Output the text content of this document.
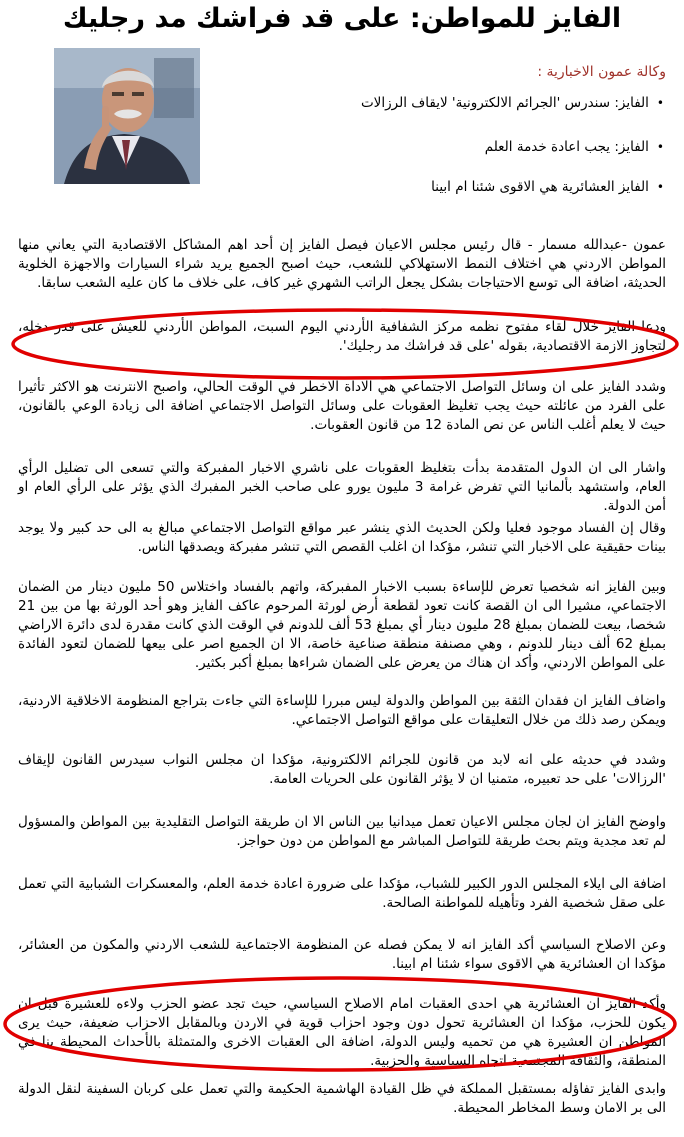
الفايز للمواطن: على قد فراشك مد رجليك
وكالة عمون الاخبارية :
•الفايز: سندرس 'الجرائم الالكترونية' لايقاف الرزالات
•الفايز: يجب اعادة خدمة العلم
•الفايز العشائرية هي الاقوى شئنا ام ابينا
عمون -عبدالله مسمار - قال رئيس مجلس الاعيان فيصل الفايز إن أحد اهم المشاكل الاقتصادية التي يعاني منها المواطن الاردني هي اختلاف النمط الاستهلاكي للشعب، حيث اصبح الجميع يريد شراء السيارات والاجهزة الخلوية الحديثة، اضافة الى توسع الاحتياجات بشكل يجعل الراتب الشهري غير كاف، على خلاف ما كان عليه الشعب سابقا.
ودعا الفايز خلال لقاء مفتوح نظمه مركز الشفافية الأردني اليوم السبت، المواطن الأردني للعيش على قدر دخله، لتجاوز الازمة الاقتصادية، بقوله 'على قد فراشك مد رجليك'.
وشدد الفايز على ان وسائل التواصل الاجتماعي هي الاداة الاخطر في الوقت الحالي، واصبح الانترنت هو الاكثر تأثيرا على الفرد من عائلته حيث يجب تغليظ العقوبات على وسائل التواصل الاجتماعي اضافة الى زيادة الوعي بالقانون، حيث لا يعلم أغلب الناس عن نص المادة 12 من قانون العقوبات.
واشار الى ان الدول المتقدمة بدأت بتغليظ العقوبات على ناشري الاخبار المفبركة والتي تسعى الى تضليل الرأي العام، واستشهد بألمانيا التي تفرض غرامة 3 مليون يورو على صاحب الخبر المفبرك الذي يؤثر على الرأي العام او أمن الدولة.
وقال إن الفساد موجود فعليا ولكن الحديث الذي ينشر عبر مواقع التواصل الاجتماعي مبالغ به الى حد كبير ولا يوجد بينات حقيقية على الاخبار التي تنشر، مؤكدا ان اغلب القصص التي تنشر مفبركة ويصدقها الناس.
وبين الفايز انه شخصيا تعرض للإساءة بسبب الاخبار المفبركة، واتهم بالفساد واختلاس 50 مليون دينار من الضمان الاجتماعي، مشيرا الى ان القصة كانت تعود لقطعة أرض لورثة المرحوم عاكف الفايز وهو أحد الورثة بها من بين 21 شخصا، بيعت للضمان بمبلغ 28 مليون دينار أي بمبلغ 53 ألف للدونم في الوقت الذي كانت مقدرة لدى دائرة الاراضي بمبلغ 62 ألف دينار للدونم ، وهي مصنفة منطقة صناعية خاصة، الا ان الجميع اصر على بيعها للضمان لتعود الفائدة على المواطن الاردني، وأكد ان هناك من يعرض على الضمان شراءها بمبلغ أكبر بكثير.
واضاف الفايز ان فقدان الثقة بين المواطن والدولة ليس مبررا للإساءة التي جاءت بتراجع المنظومة الاخلاقية الاردنية، ويمكن رصد ذلك من خلال التعليقات على مواقع التواصل الاجتماعي.
وشدد في حديثه على انه لابد من قانون للجرائم الالكترونية، مؤكدا ان مجلس النواب سيدرس القانون لإيقاف 'الرزالات' على حد تعبيره، متمنيا ان لا يؤثر القانون على الحريات العامة.
واوضح الفايز ان لجان مجلس الاعيان تعمل ميدانيا بين الناس الا ان طريقة التواصل التقليدية بين المواطن والمسؤول لم تعد مجدية ويتم بحث طريقة للتواصل المباشر مع المواطن من دون حواجز.
اضافة الى ايلاء المجلس الدور الكبير للشباب، مؤكدا على ضرورة اعادة خدمة العلم، والمعسكرات الشبابية التي تعمل على صقل شخصية الفرد وتأهيله للمواطنة الصالحة.
وعن الاصلاح السياسي أكد الفايز انه لا يمكن فصله عن المنظومة الاجتماعية للشعب الاردني والمكون من العشائر، مؤكدا ان العشائرية هي الاقوى سواء شئنا ام ابينا.
وأكد الفايز ان العشائرية هي احدى العقبات امام الاصلاح السياسي، حيث تجد عضو الحزب ولاءه للعشيرة قبل ان يكون للحزب، مؤكدا ان العشائرية تحول دون وجود احزاب قوية في الاردن وبالمقابل الاحزاب ضعيفة، حيث يرى المواطن ان العشيرة هي من تحميه وليس الدولة، اضافة الى العقبات الاخرى والمتمثلة بالأحداث المحيطة بنا في المنطقة، والثقافة المجتمعية اتجاه السياسية والحزبية.
وابدى الفايز تفاؤله بمستقبل المملكة في ظل القيادة الهاشمية الحكيمة والتي تعمل على كربان السفينة لنقل الدولة الى بر الامان وسط المخاطر المحيطة.
